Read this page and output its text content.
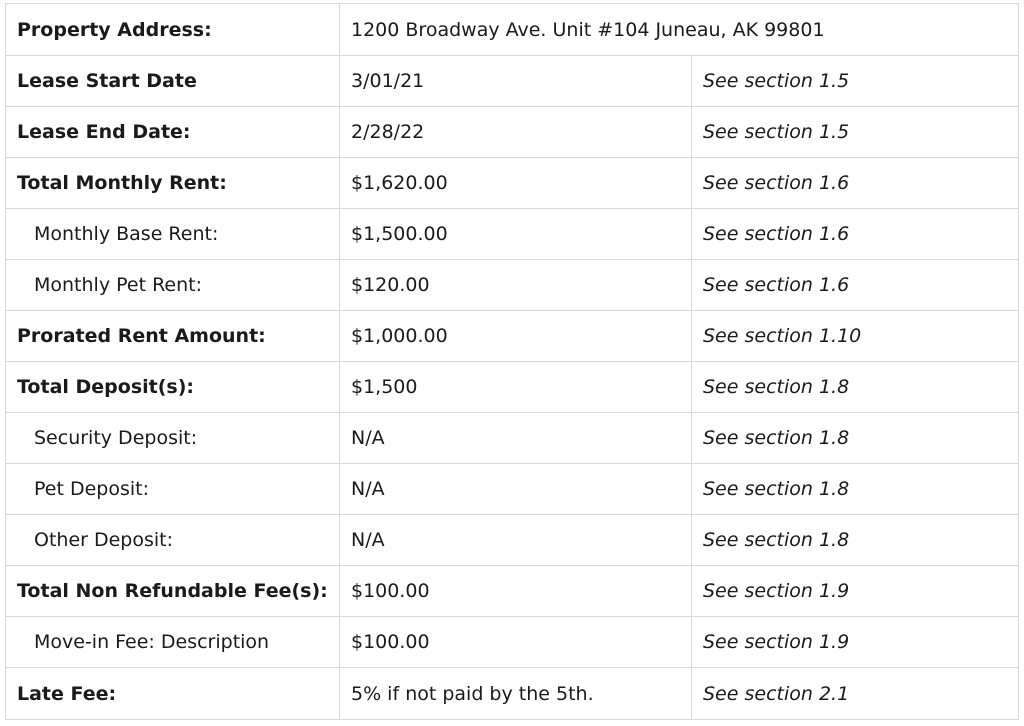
Property Address:	1200 Broadway Ave. Unit #104 Juneau, AK 99801	
Lease Start Date	3/01/21	See section 1.5
Lease End Date:	2/28/22	See section 1.5
Total Monthly Rent:	$1,620.00	See section 1.6
Monthly Base Rent:	$1,500.00	See section 1.6
Monthly Pet Rent:	$120.00	See section 1.6
Prorated Rent Amount:	$1,000.00	See section 1.10
Total Deposit(s):	$1,500	See section 1.8
Security Deposit:	N/A	See section 1.8
Pet Deposit:	N/A	See section 1.8
Other Deposit:	N/A	See section 1.8
Total Non Refundable Fee(s):	$100.00	See section 1.9
Move-in Fee: Description	$100.00	See section 1.9
Late Fee:	5% if not paid by the 5th.	See section 2.1
